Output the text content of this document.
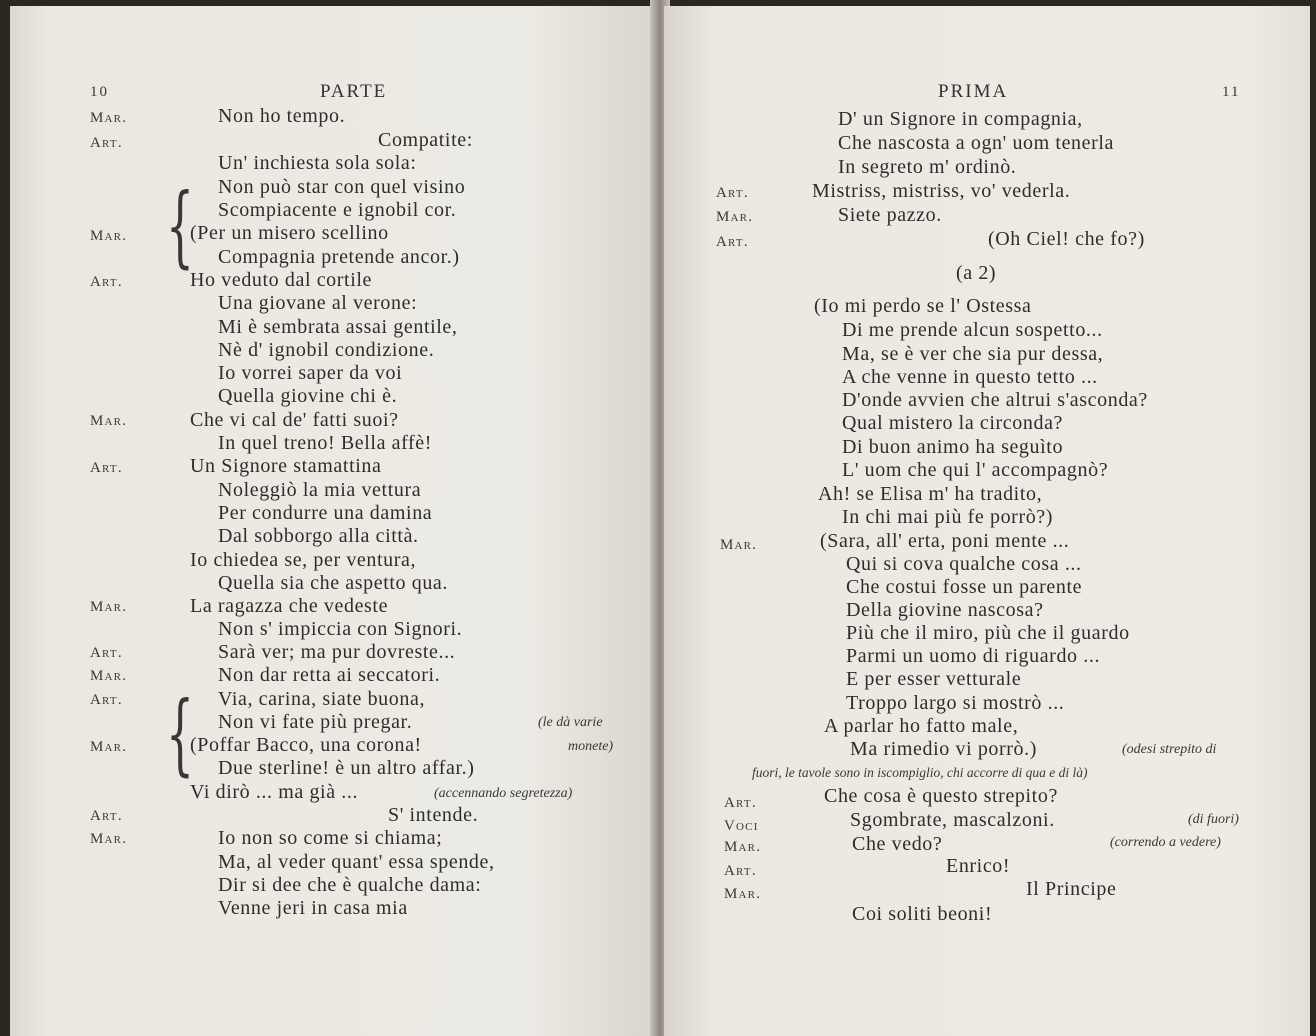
10	PARTE
Mar.
Art.
Mar.
Art.
Mar.
Art.
Mar.
Art.
Mar.
Art.
Mar.
Art.
Mar.
{
{
Non ho tempo.
Compatite:
Un' inchiesta sola sola:
Non può star con quel visino
Scompiacente e ignobil cor.
(Per un misero scellino
Compagnia pretende ancor.)
Ho veduto dal cortile
Una giovane al verone:
Mi è sembrata assai gentile,
Nè d' ignobil condizione.
Io vorrei saper da voi
Quella giovine chi è.
Che vi cal de' fatti suoi?
In quel treno! Bella affè!
Un Signore stamattina
Noleggiò la mia vettura
Per condurre una damina
Dal sobborgo alla città.
Io chiedea se, per ventura,
Quella sia che aspetto qua.
La ragazza che vedeste
Non s' impiccia con Signori.
Sarà ver; ma pur dovreste...
Non dar retta ai seccatori.
Via, carina, siate buona,
Non vi fate più pregar.
(Poffar Bacco, una corona!
Due sterline! è un altro affar.)
Vi dirò ... ma già ...
S' intende.
Io non so come si chiama;
Ma, al veder quant' essa spende,
Dir si dee che è qualche dama:
Venne jeri in casa mia
(le dà varie
monete)
(accennando segretezza)
PRIMA	11
Art.
Mar.
Art.
Mar.
Art.
Voci
Mar.
Art.
Mar.
D' un Signore in compagnia,
Che nascosta a ogn' uom tenerla
In segreto m' ordinò.
Mistriss, mistriss, vo' vederla.
Siete pazzo.
(Oh Ciel! che fo?)
(a 2)
(Io mi perdo se l' Ostessa
Di me prende alcun sospetto...
Ma, se è ver che sia pur dessa,
A che venne in questo tetto ...
D'onde avvien che altrui s'asconda?
Qual mistero la circonda?
Di buon animo ha seguìto
L' uom che qui l' accompagnò?
Ah! se Elisa m' ha tradito,
In chi mai più fe porrò?)
(Sara, all' erta, poni mente ...
Qui si cova qualche cosa ...
Che costui fosse un parente
Della giovine nascosa?
Più che il miro, più che il guardo
Parmi un uomo di riguardo ...
E per esser vetturale
Troppo largo si mostrò ...
A parlar ho fatto male,
Ma rimedio vi porrò.)
Che cosa è questo strepito?
Sgombrate, mascalzoni.
Che vedo?
Enrico!
Il Principe
Coi soliti beoni!
(odesi strepito di
fuori, le tavole sono in iscompiglio, chi accorre di qua e di là)
(di fuori)
(correndo a vedere)
